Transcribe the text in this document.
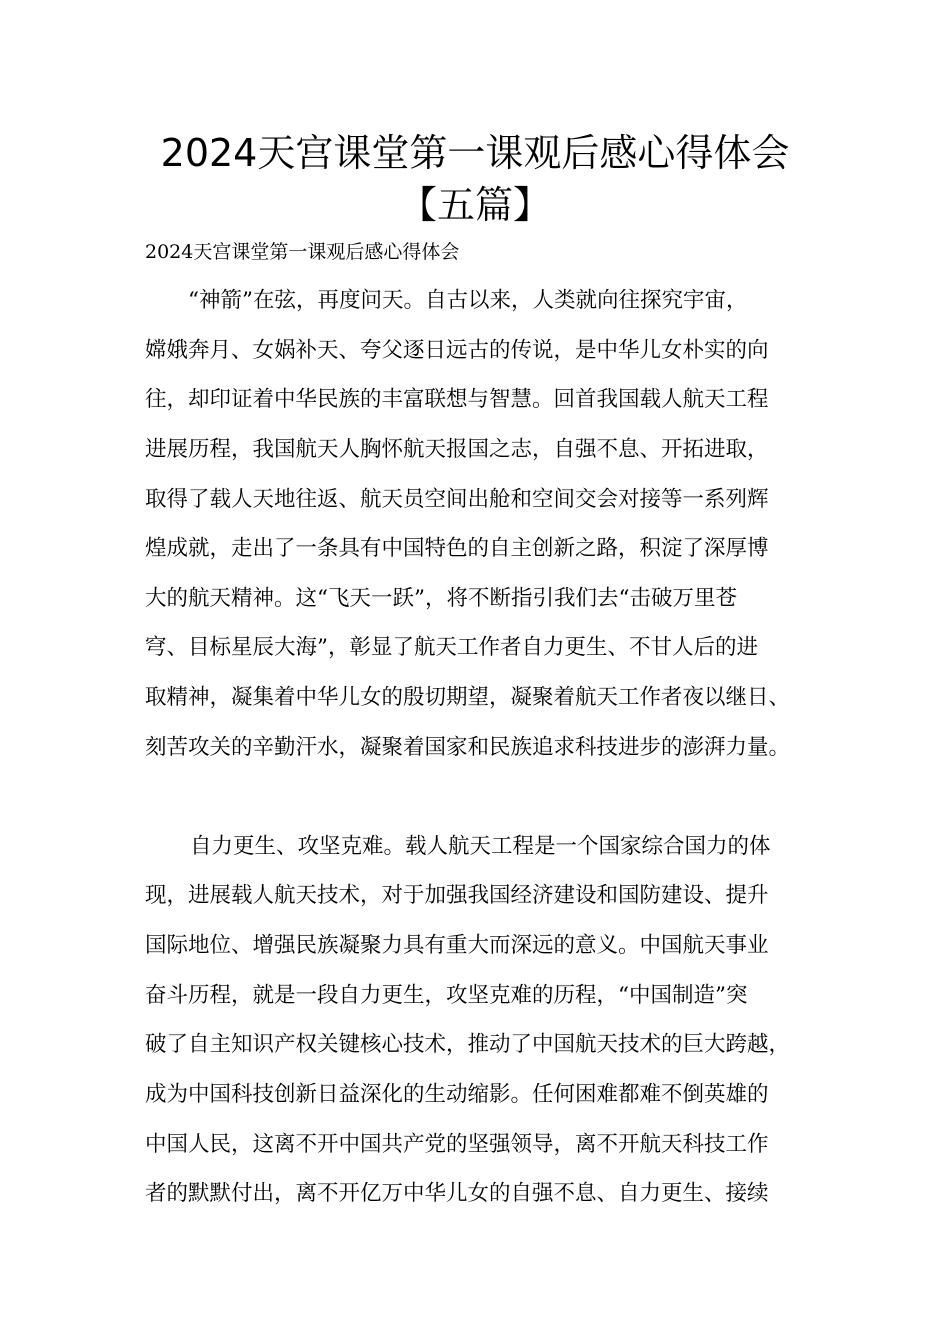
2024天宫课堂第一课观后感心得体会
【五篇】

2024天宫课堂第一课观后感心得体会

“神箭”在弦，再度问天。自古以来，人类就向往探究宇宙，

嫦娥奔月、女娲补天、夸父逐日远古的传说，是中华儿女朴实的向

往，却印证着中华民族的丰富联想与智慧。回首我国载人航天工程

进展历程，我国航天人胸怀航天报国之志，自强不息、开拓进取，

取得了载人天地往返、航天员空间出舱和空间交会对接等一系列辉

煌成就，走出了一条具有中国特色的自主创新之路，积淀了深厚博

大的航天精神。这“飞天一跃”，将不断指引我们去“击破万里苍

穹、目标星辰大海”，彰显了航天工作者自力更生、不甘人后的进

取精神，凝集着中华儿女的殷切期望，凝聚着航天工作者夜以继日、

刻苦攻关的辛勤汗水，凝聚着国家和民族追求科技进步的澎湃力量。

自力更生、攻坚克难。载人航天工程是一个国家综合国力的体

现，进展载人航天技术，对于加强我国经济建设和国防建设、提升

国际地位、增强民族凝聚力具有重大而深远的意义。中国航天事业

奋斗历程，就是一段自力更生，攻坚克难的历程，“中国制造”突

破了自主知识产权关键核心技术，推动了中国航天技术的巨大跨越，

成为中国科技创新日益深化的生动缩影。任何困难都难不倒英雄的

中国人民，这离不开中国共产党的坚强领导，离不开航天科技工作

者的默默付出，离不开亿万中华儿女的自强不息、自力更生、接续
